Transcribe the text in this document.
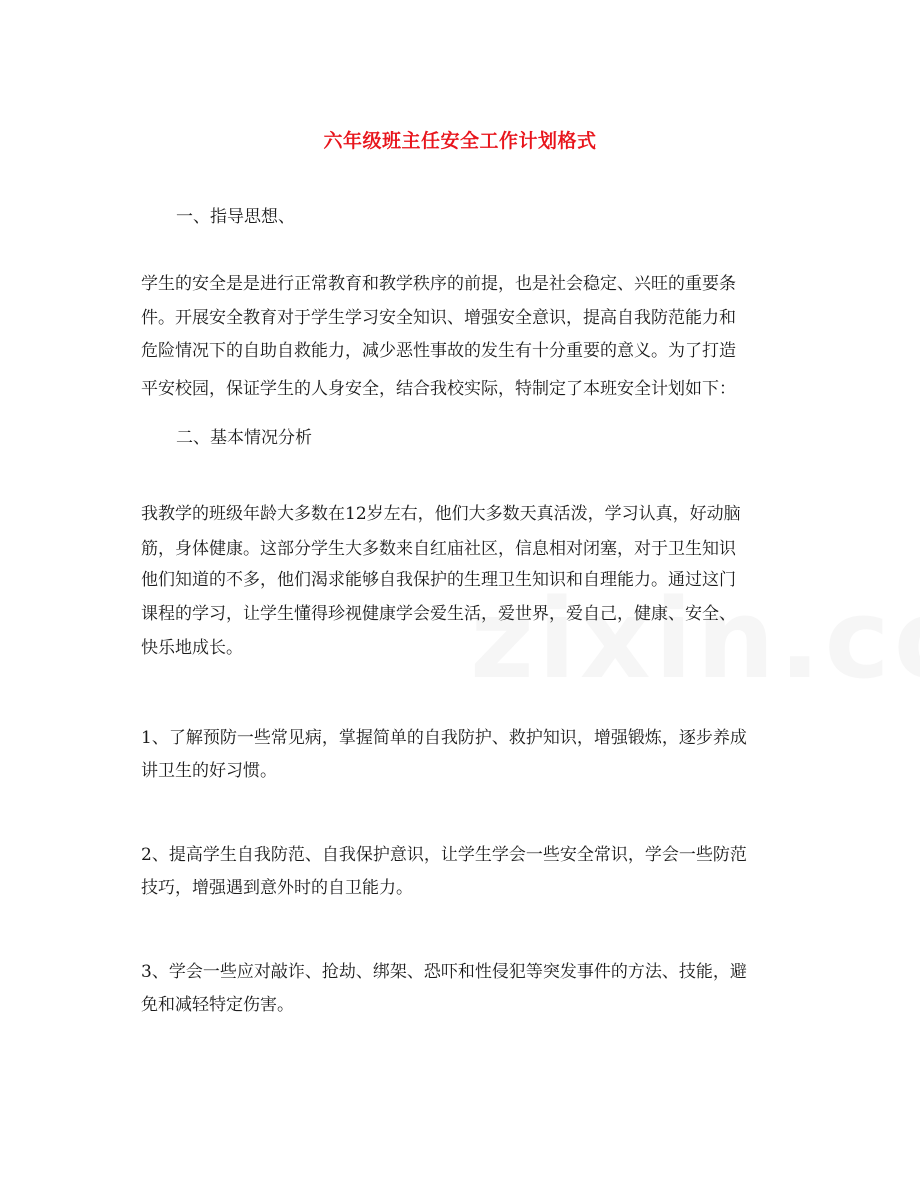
六年级班主任安全工作计划格式
一、指导思想、
学生的安全是是进行正常教育和教学秩序的前提，也是社会稳定、兴旺的重要条
件。开展安全教育对于学生学习安全知识、增强安全意识，提高自我防范能力和
危险情况下的自助自救能力，减少恶性事故的发生有十分重要的意义。为了打造
平安校园，保证学生的人身安全，结合我校实际，特制定了本班安全计划如下：
二、基本情况分析
我教学的班级年龄大多数在12岁左右，他们大多数天真活泼，学习认真，好动脑
筋，身体健康。这部分学生大多数来自红庙社区，信息相对闭塞，对于卫生知识
他们知道的不多，他们渴求能够自我保护的生理卫生知识和自理能力。通过这门
课程的学习，让学生懂得珍视健康学会爱生活，爱世界，爱自己，健康、安全、
快乐地成长。
1、了解预防一些常见病，掌握简单的自我防护、救护知识，增强锻炼，逐步养成
讲卫生的好习惯。
2、提高学生自我防范、自我保护意识，让学生学会一些安全常识，学会一些防范
技巧，增强遇到意外时的自卫能力。
3、学会一些应对敲诈、抢劫、绑架、恐吓和性侵犯等突发事件的方法、技能，避
免和减轻特定伤害。
